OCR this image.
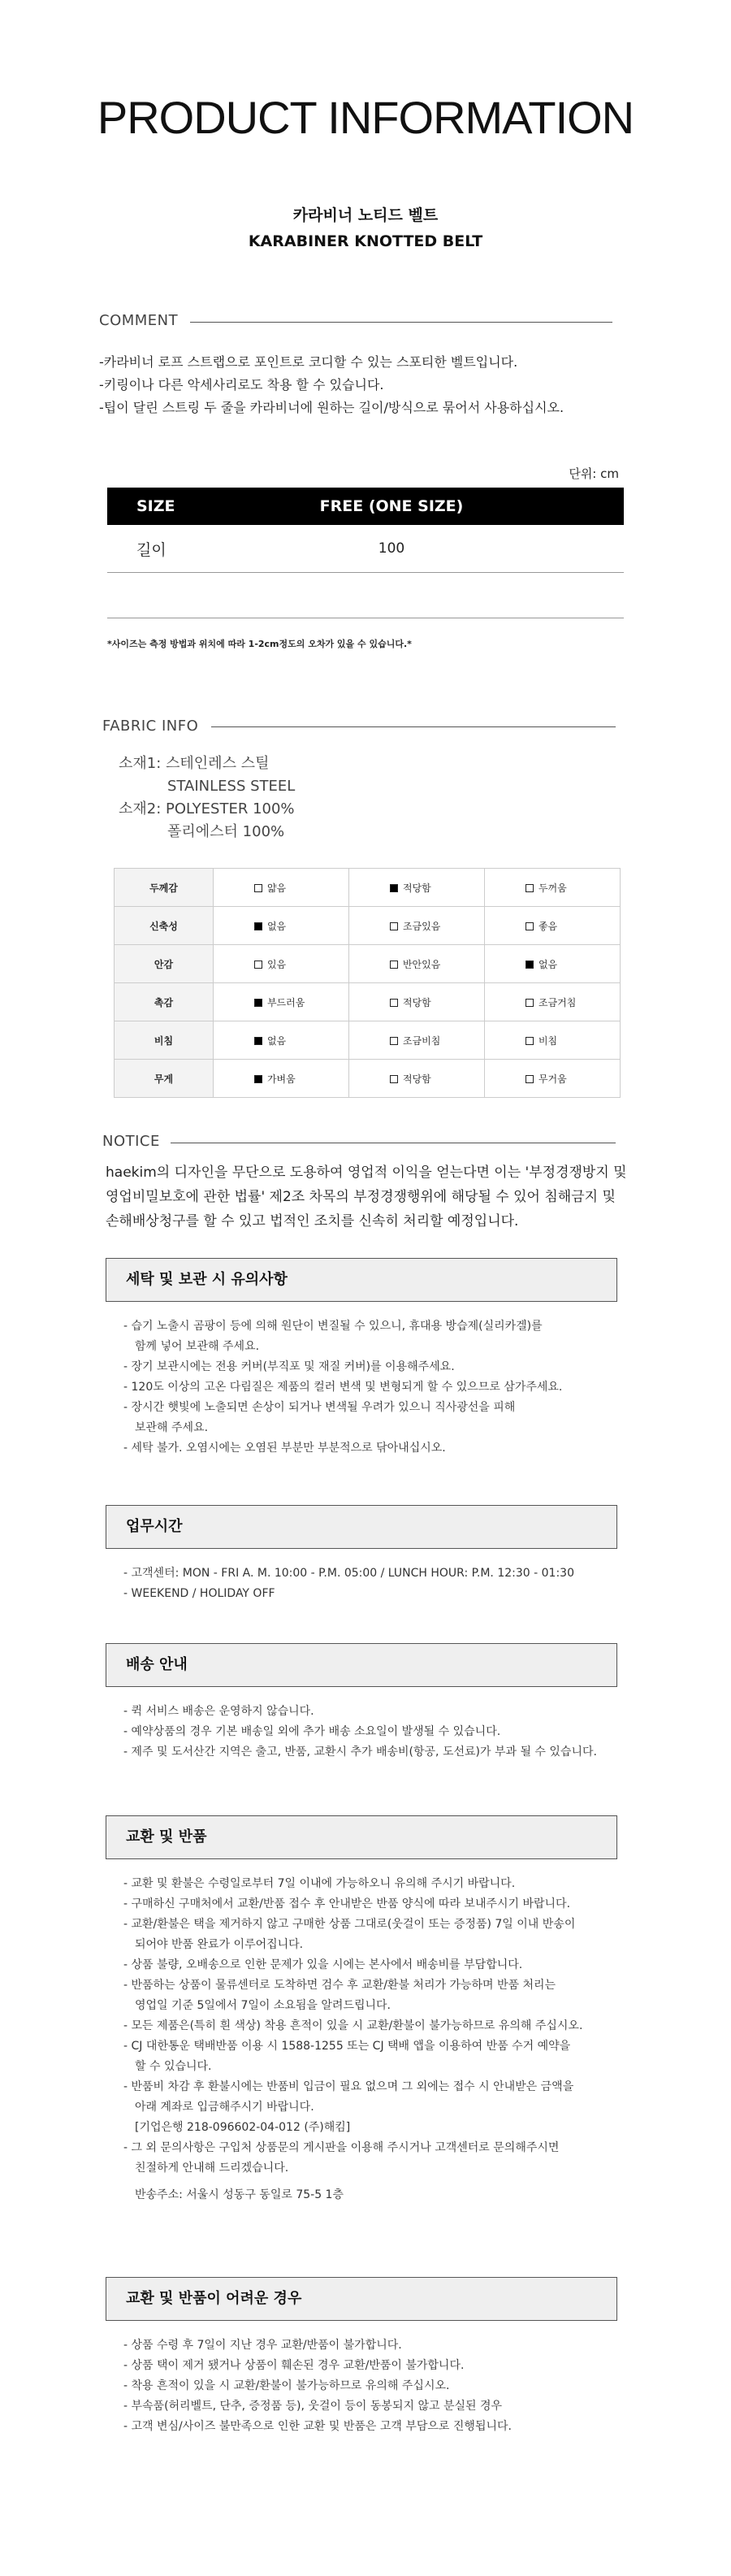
PRODUCT INFORMATION
카라비너 노티드 벨트
KARABINER KNOTTED BELT
COMMENT
-카라비너 로프 스트랩으로 포인트로 코디할 수 있는 스포티한 벨트입니다.
-키링이나 다른 악세사리로도 착용 할 수 있습니다.
-팁이 달린 스트링 두 줄을 카라비너에 원하는 길이/방식으로 묶어서 사용하십시오.
단위: cm
SIZE	FREE (ONE SIZE)
길이	100
*사이즈는 측정 방법과 위치에 따라 1-2cm정도의 오차가 있을 수 있습니다.*
FABRIC INFO
소재1: 스테인레스 스틸
STAINLESS STEEL
소재2: POLYESTER 100%
폴리에스터 100%
두께감	얇음	적당함	두꺼움
신축성	없음	조금있음	좋음
안감	있음	반안있음	없음
촉감	부드러움	적당함	조금거침
비침	없음	조금비침	비침
무게	가벼움	적당함	무거움
NOTICE
haekim의 디자인을 무단으로 도용하여 영업적 이익을 얻는다면 이는 '부정경쟁방지 및
영업비밀보호에 관한 법률' 제2조 차목의 부정경쟁행위에 해당될 수 있어 침해금지 및
손해배상청구를 할 수 있고 법적인 조치를 신속히 처리할 예정입니다.
세탁 및 보관 시 유의사항
- 습기 노출시 곰팡이 등에 의해 원단이 변질될 수 있으니, 휴대용 방습제(실리카겔)를
함께 넣어 보관해 주세요.
- 장기 보관시에는 전용 커버(부직포 및 재질 커버)를 이용해주세요.
- 120도 이상의 고온 다림질은 제품의 컬러 변색 및 변형되게 할 수 있으므로 삼가주세요.
- 장시간 햇빛에 노출되면 손상이 되거나 변색될 우려가 있으니 직사광선을 피해
보관해 주세요.
- 세탁 불가. 오염시에는 오염된 부분만 부분적으로 닦아내십시오.
업무시간
- 고객센터: MON - FRI A. M. 10:00 - P.M. 05:00 / LUNCH HOUR: P.M. 12:30 - 01:30
- WEEKEND / HOLIDAY OFF
배송 안내
- 퀵 서비스 배송은 운영하지 않습니다.
- 예약상품의 경우 기본 배송일 외에 추가 배송 소요일이 발생될 수 있습니다.
- 제주 및 도서산간 지역은 출고, 반품, 교환시 추가 배송비(항공, 도선료)가 부과 될 수 있습니다.
교환 및 반품
- 교환 및 환불은 수령일로부터 7일 이내에 가능하오니 유의해 주시기 바랍니다.
- 구매하신 구매처에서 교환/반품 접수 후 안내받은 반품 양식에 따라 보내주시기 바랍니다.
- 교환/환불은 택을 제거하지 않고 구매한 상품 그대로(웃걸이 또는 증정품) 7일 이내 반송이
되어야 반품 완료가 이루어집니다.
- 상품 불량, 오배송으로 인한 문제가 있을 시에는 본사에서 배송비를 부담합니다.
- 반품하는 상품이 물류센터로 도착하면 검수 후 교환/환불 처리가 가능하며 반품 처리는
영업일 기준 5일에서 7일이 소요됨을 알려드립니다.
- 모든 제품은(특히 흰 색상) 착용 흔적이 있을 시 교환/환불이 불가능하므로 유의해 주십시오.
- CJ 대한통운 택배반품 이용 시 1588-1255 또는 CJ 택배 앱을 이용하여 반품 수거 예약을
할 수 있습니다.
- 반품비 차감 후 환불시에는 반품비 입금이 필요 없으며 그 외에는 접수 시 안내받은 금액을
아래 계좌로 입금해주시기 바랍니다.
[기업은행 218-096602-04-012 (주)해킴]
- 그 외 문의사항은 구입처 상품문의 게시판을 이용해 주시거나 고객센터로 문의해주시면
친절하게 안내해 드리겠습니다.
반송주소: 서울시 성동구 동일로 75-5 1층
교환 및 반품이 어려운 경우
- 상품 수령 후 7일이 지난 경우 교환/반품이 불가합니다.
- 상품 택이 제거 됐거나 상품이 훼손된 경우 교환/반품이 불가합니다.
- 착용 흔적이 있을 시 교환/환불이 불가능하므로 유의해 주십시오.
- 부속품(허리벨트, 단추, 증정품 등), 웃걸이 등이 동봉되지 않고 분실된 경우
- 고객 변심/사이즈 불만족으로 인한 교환 및 반품은 고객 부담으로 진행됩니다.
